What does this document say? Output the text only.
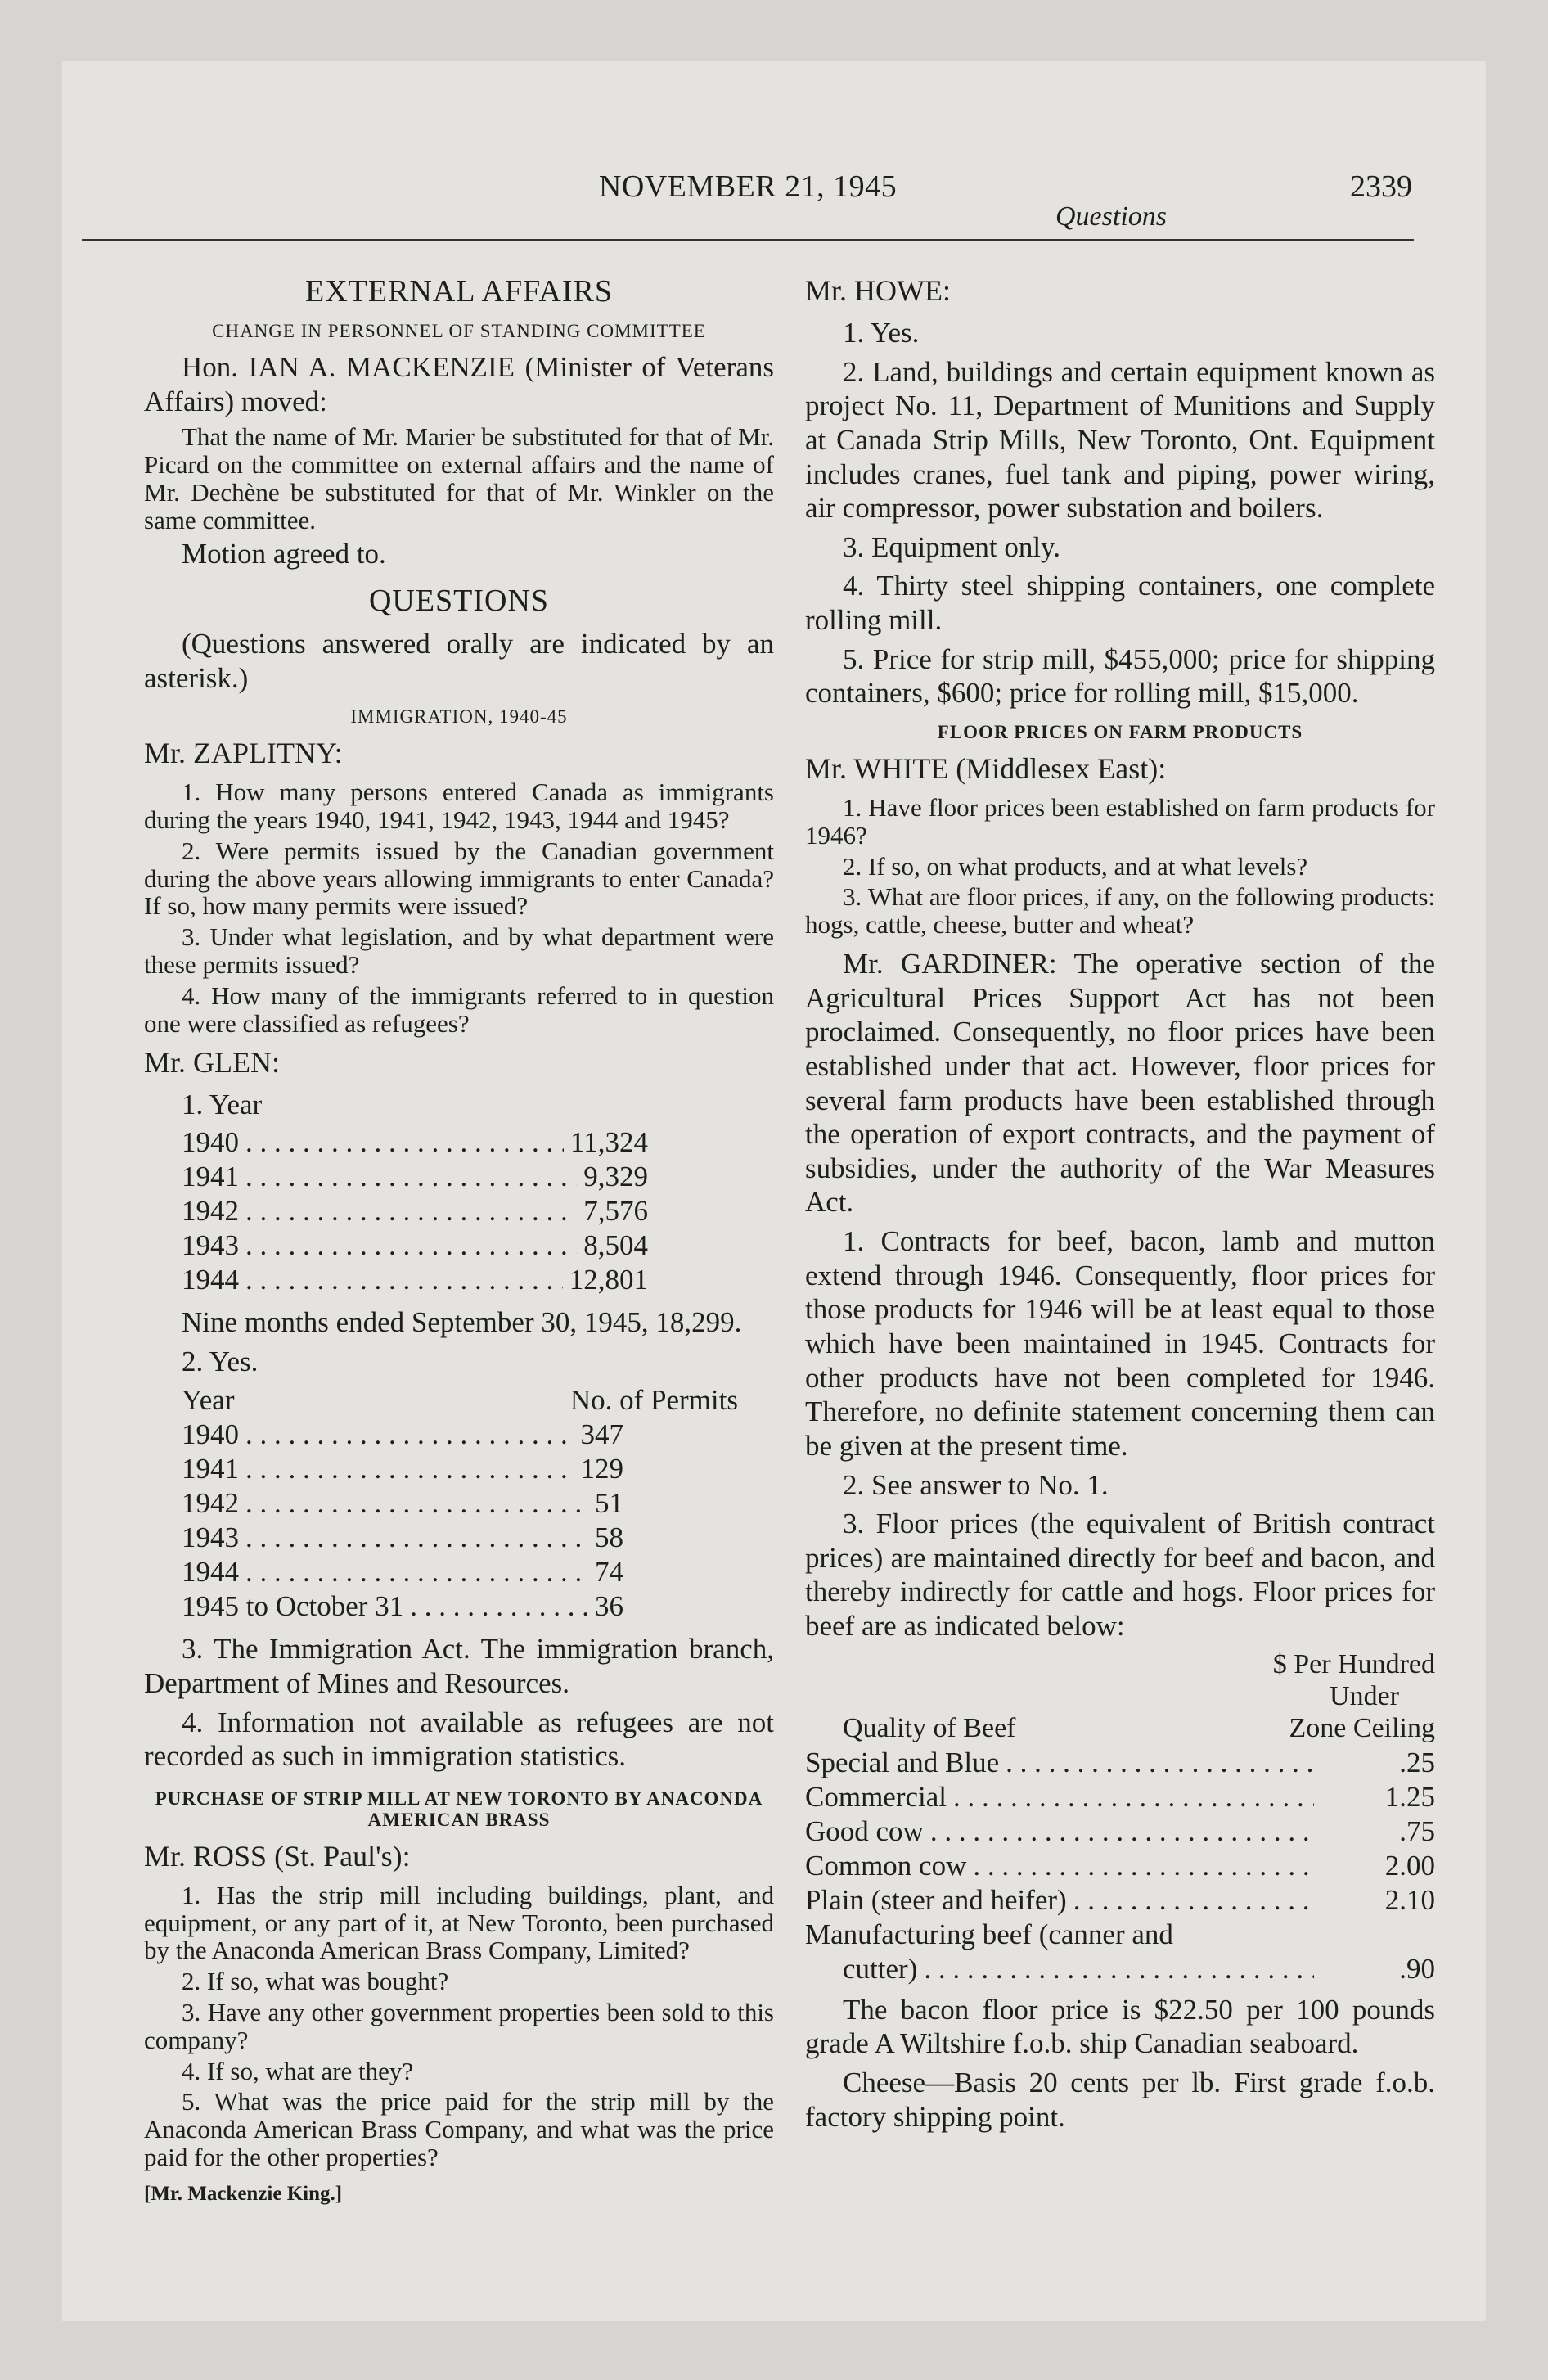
NOVEMBER 21, 1945	2339
Questions
EXTERNAL AFFAIRS
CHANGE IN PERSONNEL OF STANDING COMMITTEE
Hon. IAN A. MACKENZIE (Minister of Veterans Affairs) moved:
That the name of Mr. Marier be substituted for that of Mr. Picard on the committee on external affairs and the name of Mr. Dechène be substituted for that of Mr. Winkler on the same committee.
Motion agreed to.
QUESTIONS
(Questions answered orally are indicated by an asterisk.)
IMMIGRATION, 1940-45
Mr. ZAPLITNY:
1. How many persons entered Canada as immigrants during the years 1940, 1941, 1942, 1943, 1944 and 1945?
2. Were permits issued by the Canadian government during the above years allowing immigrants to enter Canada? If so, how many permits were issued?
3. Under what legislation, and by what department were these permits issued?
4. How many of the immigrants referred to in question one were classified as refugees?
Mr. GLEN:
1. Year
1940 . . .	11,324
1941 . . .	9,329
1942 . . .	7,576
1943 . . .	8,504
1944 . . .	12,801
Nine months ended September 30, 1945, 18,299.
2. Yes.
Year	No. of Permits
1940 . . .	347
1941 . . .	129
1942 . . .	51
1943 . . .	58
1944 . . .	74
1945 to October 31 . . .	36
3. The Immigration Act. The immigration branch, Department of Mines and Resources.
4. Information not available as refugees are not recorded as such in immigration statistics.
PURCHASE OF STRIP MILL AT NEW TORONTO BY ANACONDA AMERICAN BRASS
Mr. ROSS (St. Paul's):
1. Has the strip mill including buildings, plant, and equipment, or any part of it, at New Toronto, been purchased by the Anaconda American Brass Company, Limited?
2. If so, what was bought?
3. Have any other government properties been sold to this company?
4. If so, what are they?
5. What was the price paid for the strip mill by the Anaconda American Brass Company, and what was the price paid for the other properties?
[Mr. Mackenzie King.]
Mr. HOWE:
1. Yes.
2. Land, buildings and certain equipment known as project No. 11, Department of Munitions and Supply at Canada Strip Mills, New Toronto, Ont. Equipment includes cranes, fuel tank and piping, power wiring, air compressor, power substation and boilers.
3. Equipment only.
4. Thirty steel shipping containers, one complete rolling mill.
5. Price for strip mill, $455,000; price for shipping containers, $600; price for rolling mill, $15,000.
FLOOR PRICES ON FARM PRODUCTS
Mr. WHITE (Middlesex East):
1. Have floor prices been established on farm products for 1946?
2. If so, on what products, and at what levels?
3. What are floor prices, if any, on the following products: hogs, cattle, cheese, butter and wheat?
Mr. GARDINER: The operative section of the Agricultural Prices Support Act has not been proclaimed. Consequently, no floor prices have been established under that act. However, floor prices for several farm products have been established through the operation of export contracts, and the payment of subsidies, under the authority of the War Measures Act.
1. Contracts for beef, bacon, lamb and mutton extend through 1946. Consequently, floor prices for those products for 1946 will be at least equal to those which have been maintained in 1945. Contracts for other products have not been completed for 1946. Therefore, no definite statement concerning them can be given at the present time.
2. See answer to No. 1.
3. Floor prices (the equivalent of British contract prices) are maintained directly for beef and bacon, and thereby indirectly for cattle and hogs. Floor prices for beef are as indicated below:
$ Per Hundred
Under
Quality of Beef	Zone Ceiling
Special and Blue . . .	.25
Commercial . . .	1.25
Good cow . . .	.75
Common cow . . .	2.00
Plain (steer and heifer) . . .	2.10
Manufacturing beef (canner and
cutter) . . .	.90
The bacon floor price is $22.50 per 100 pounds grade A Wiltshire f.o.b. ship Canadian seaboard.
Cheese—Basis 20 cents per lb. First grade f.o.b. factory shipping point.
